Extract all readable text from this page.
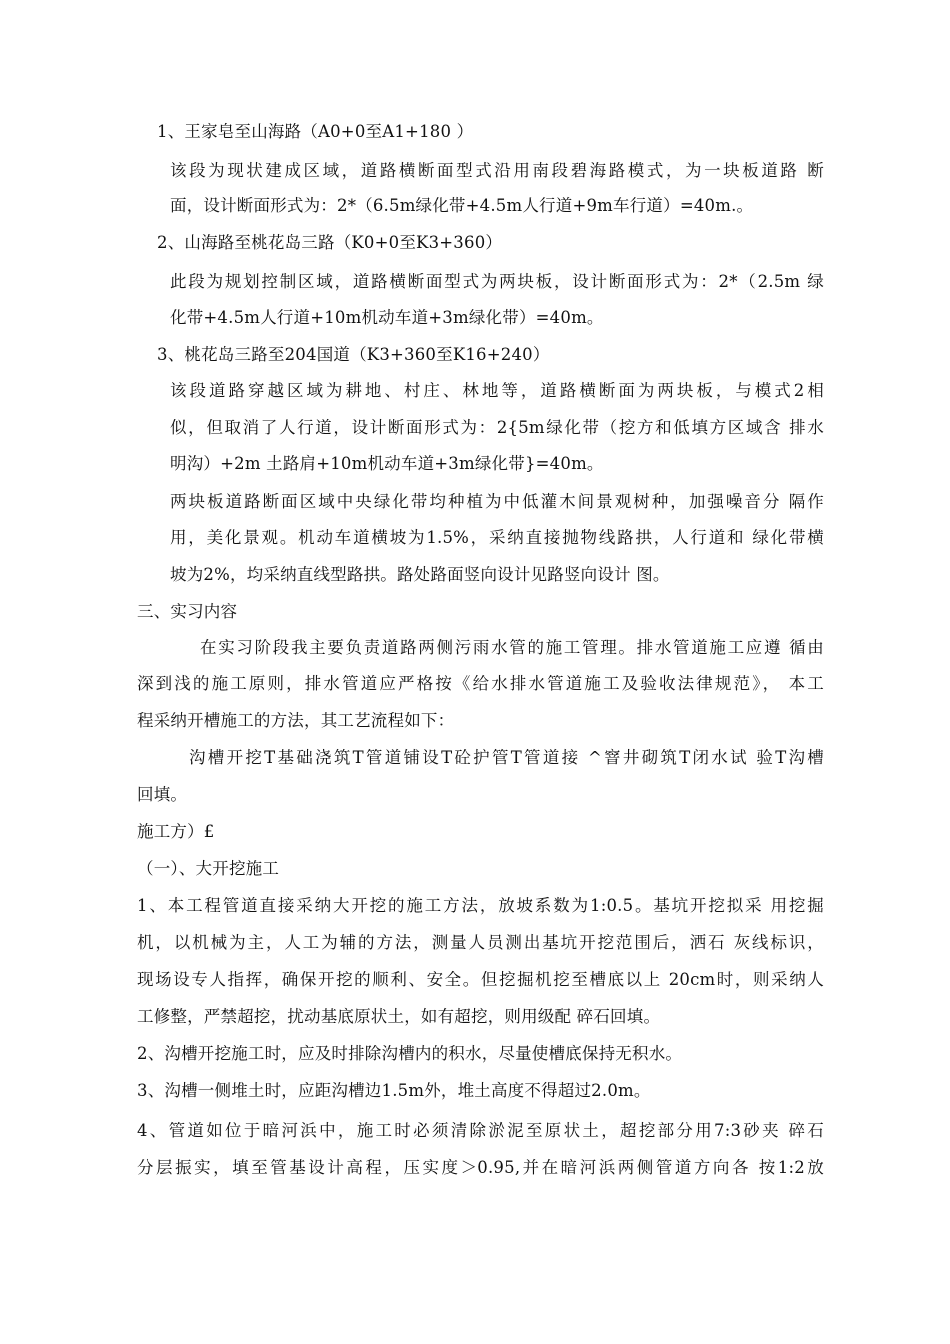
1、王家皂至山海路（A0+0至A1+180 ）
该段为现状建成区域，道路横断面型式沿用南段碧海路模式，为一块板道路 断
面，设计断面形式为：2*（6.5m绿化带+4.5m人行道+9m车行道）=40m.。
2、山海路至桃花岛三路（K0+0至K3+360）
此段为规划控制区域，道路横断面型式为两块板，设计断面形式为：2*（2.5m 绿
化带+4.5m人行道+10m机动车道+3m绿化带）=40m。
3、桃花岛三路至204国道（K3+360至K16+240）
该段道路穿越区域为耕地、村庄、林地等，道路横断面为两块板，与模式2相
似，但取消了人行道，设计断面形式为：2{5m绿化带（挖方和低填方区域含 排水
明沟）+2m 土路肩+10m机动车道+3m绿化带}=40m。
两块板道路断面区域中央绿化带均种植为中低灌木间景观树种，加强噪音分 隔作
用，美化景观。机动车道横坡为1.5%，采纳直接抛物线路拱，人行道和 绿化带横
坡为2%，均采纳直线型路拱。路处路面竖向设计见路竖向设计 图。
三、实习内容
在实习阶段我主要负责道路两侧污雨水管的施工管理。排水管道施工应遵 循由
深到浅的施工原则，排水管道应严格按《给水排水管道施工及验收法律规范》， 本工
程采纳开槽施工的方法，其工艺流程如下：
沟槽开挖T基础浇筑T管道铺设T砼护管T管道接 ^窨井砌筑T闭水试 验T沟槽
回填。
施工方）£
（一）、大开挖施工
1、本工程管道直接采纳大开挖的施工方法，放坡系数为1:0.5。基坑开挖拟采 用挖掘
机，以机械为主，人工为辅的方法，测量人员测出基坑开挖范围后，洒石 灰线标识，
现场设专人指挥，确保开挖的顺利、安全。但挖掘机挖至槽底以上 20cm时，则采纳人
工修整，严禁超挖，扰动基底原状土，如有超挖，则用级配 碎石回填。
2、沟槽开挖施工时，应及时排除沟槽内的积水，尽量使槽底保持无积水。
3、沟槽一侧堆土时，应距沟槽边1.5m外，堆土高度不得超过2.0m。
4、管道如位于暗河浜中，施工时必须清除淤泥至原状土，超挖部分用7:3砂夹 碎石
分层振实，填至管基设计高程，压实度＞0.95,并在暗河浜两侧管道方向各 按1:2放
